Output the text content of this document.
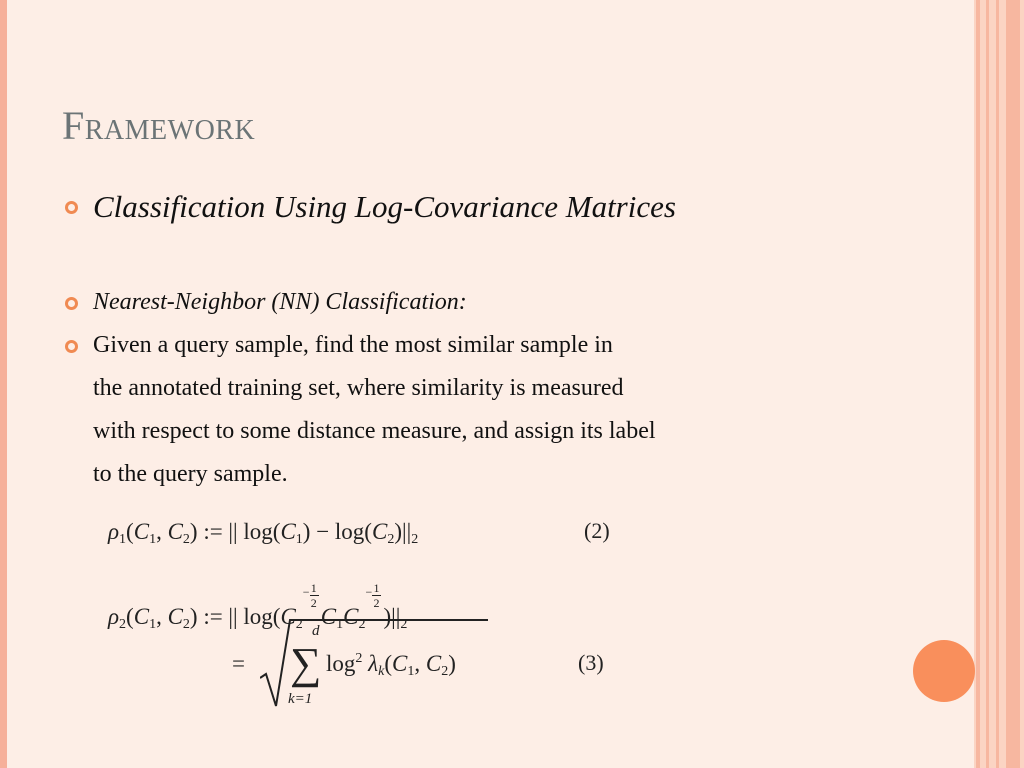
Framework

Classification Using Log-Covariance Matrices

Nearest-Neighbor (NN) Classification:

Given a query sample, find the most similar sample in
the annotated training set, where similarity is measured
with respect to some distance measure, and assign its label
to the query sample.

$\rho_1(C_1$, $C_2$) := || $\log(C_1) - \log(C_2)||_2$	(2)
$\rho_2(C_1$, $C_2$) := || $\log(C_2$
− 1
2
$C_1C_2$
− 1
2
)$||_2$
=
d
∑
k=1
$\log^2 \lambda_k(C_1$, $C_2$)	(3)
